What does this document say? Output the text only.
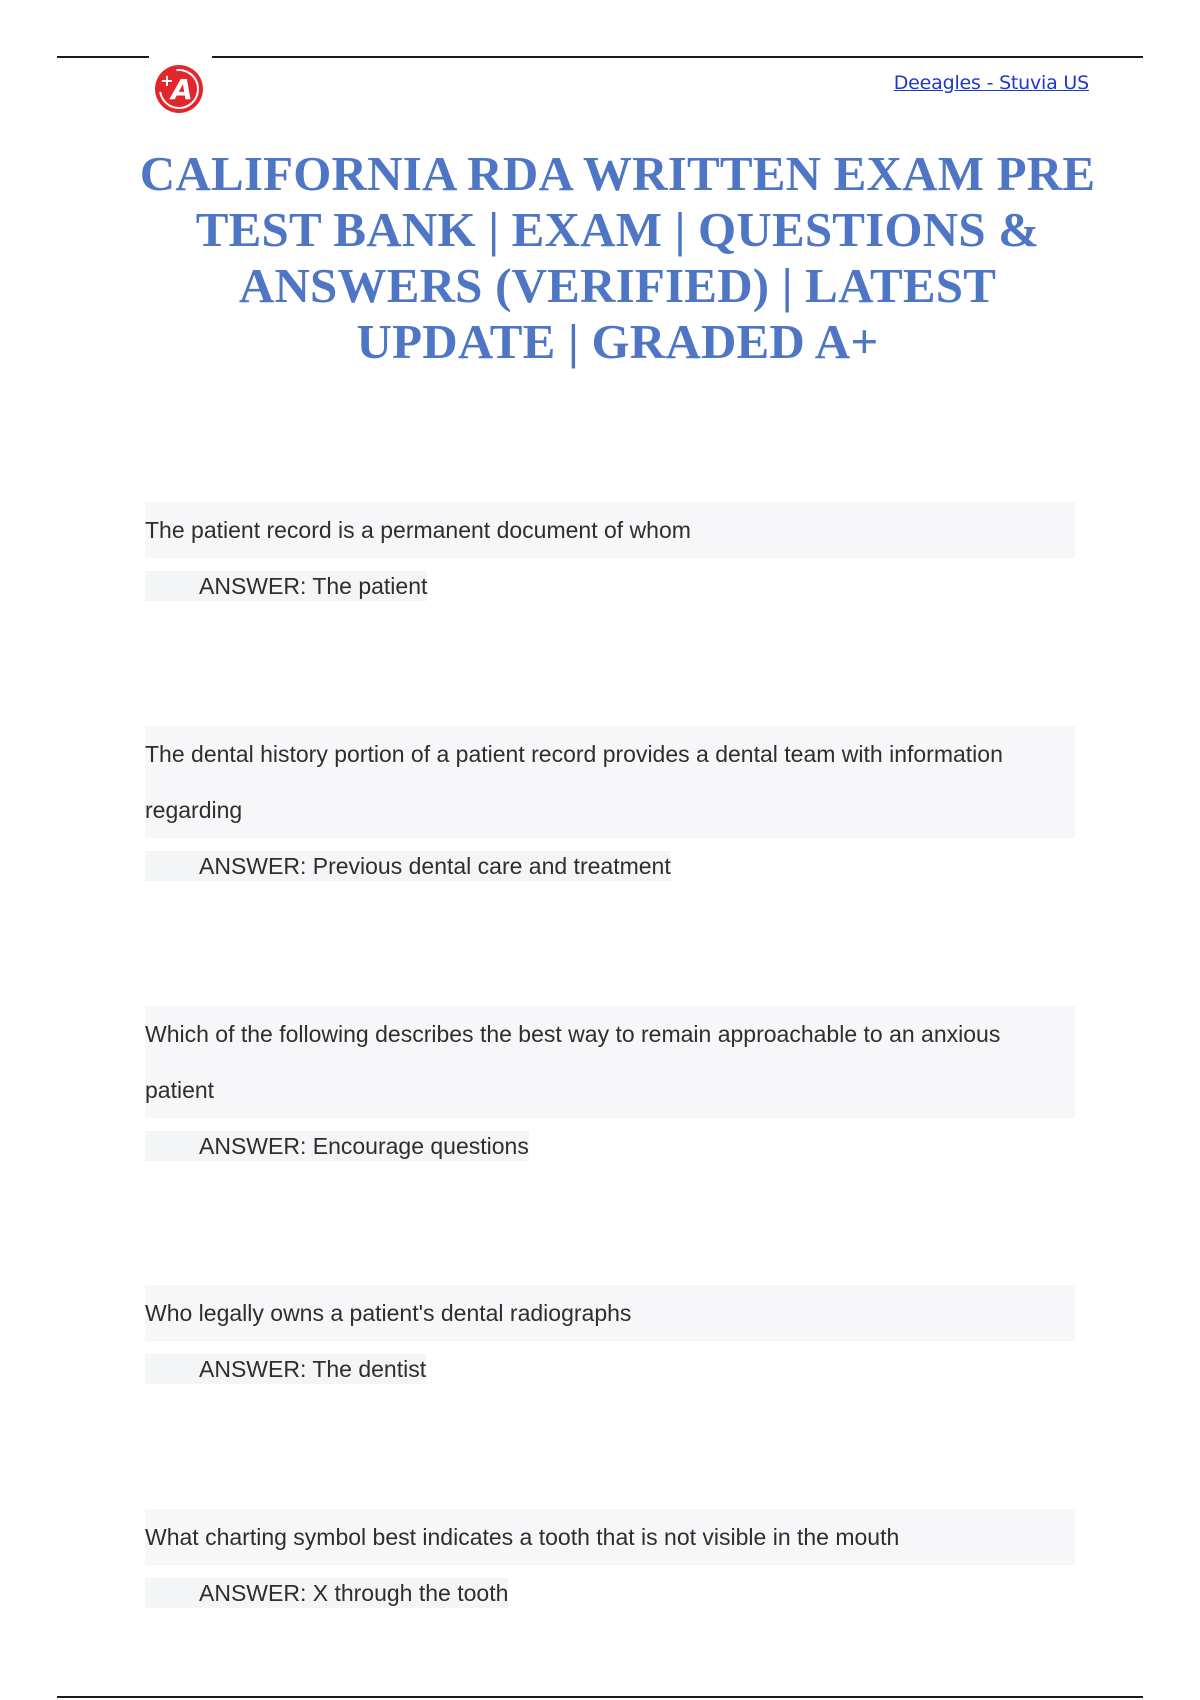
A
+	Deeagles - Stuvia US
CALIFORNIA RDA WRITTEN EXAM PRE
TEST BANK | EXAM | QUESTIONS &
ANSWERS (VERIFIED) | LATEST
UPDATE | GRADED A+

The patient record is a permanent document of whom

ANSWER: The patient

The dental history portion of a patient record provides a dental team with information
regarding

ANSWER: Previous dental care and treatment

Which of the following describes the best way to remain approachable to an anxious
patient

ANSWER: Encourage questions

Who legally owns a patient's dental radiographs

ANSWER: The dentist

What charting symbol best indicates a tooth that is not visible in the mouth

ANSWER: X through the tooth
